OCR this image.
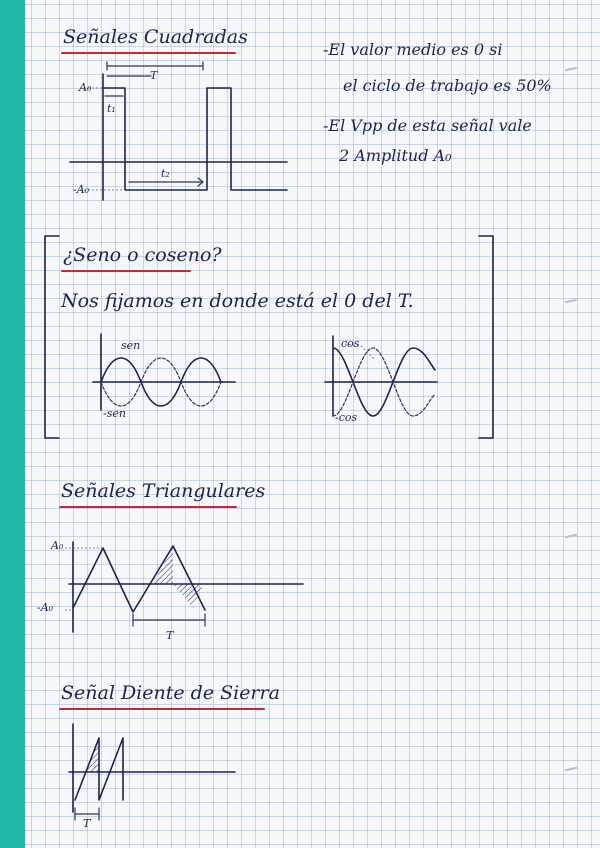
Señales Cuadradas
T
A₀
-A₀
t₁
t₂
-El valor medio es 0 si
el ciclo de trabajo es 50%
-El Vpp de esta señal vale
2 Amplitud A₀
¿Seno o coseno?
Nos fijamos en donde está el 0 del T.
sen
-sen
cos
-cos
Señales Triangulares
A₀
-A₀
T
Señal Diente de Sierra
T
